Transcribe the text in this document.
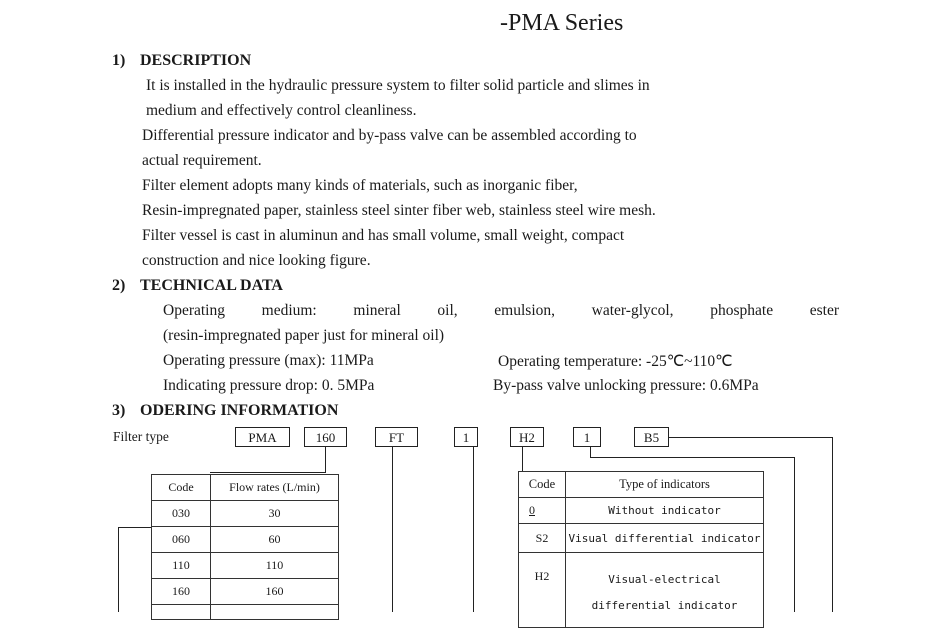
-PMA Series
1) DESCRIPTION
It is installed in the hydraulic pressure system to filter solid particle and slimes in
medium and effectively control cleanliness.
Differential pressure indicator and by-pass valve can be assembled according to
actual requirement.
Filter element adopts many kinds of materials, such as inorganic fiber,
Resin-impregnated paper, stainless steel sinter fiber web, stainless steel wire mesh.
Filter vessel is cast in aluminun and has small volume, small weight, compact
construction and nice looking figure.
2) TECHNICAL DATA
Operating medium: mineral oil, emulsion, water-glycol, phosphate ester
(resin-impregnated paper just for mineral oil)
Operating pressure (max): 11MPa	Operating temperature: -25℃~110℃
Indicating pressure drop: 0. 5MPa	By-pass valve unlocking pressure: 0.6MPa
3) ODERING INFORMATION
Filter type	PMA	160	FT	1	H2	1	B5
Code	Flow rates (L/min)
030	30
060	60
110	110
160	160

Code	Type of indicators
0	Without indicator
S2	Visual differential indicator
H2	Visual-electrical differential indicator
